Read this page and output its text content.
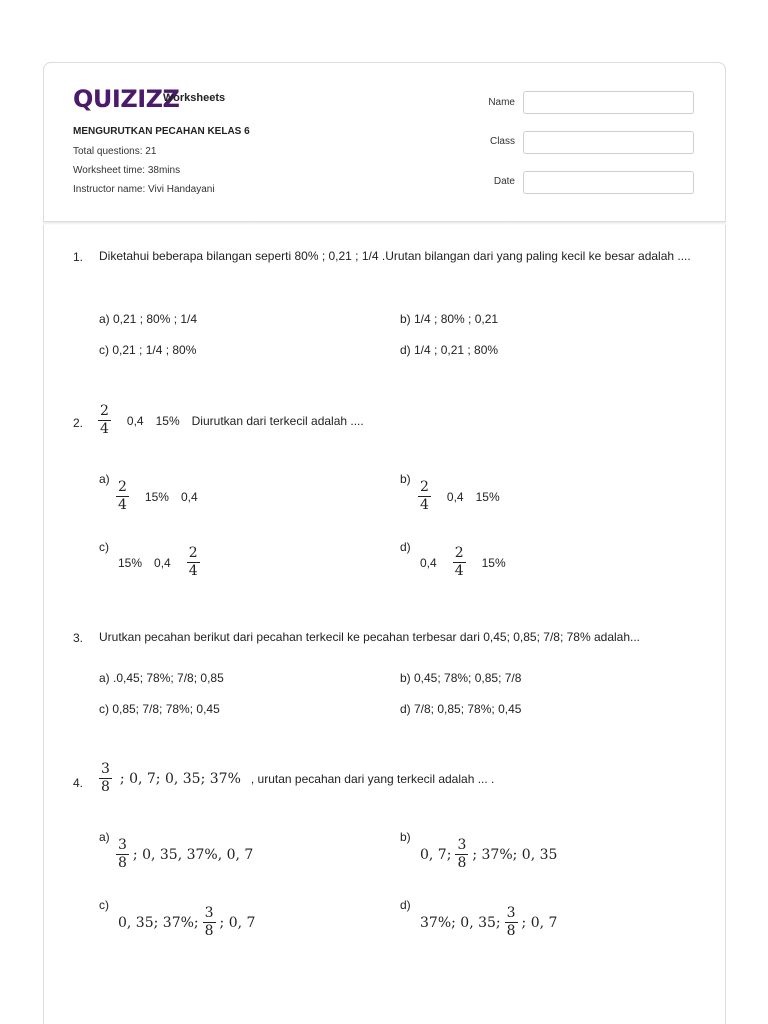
QUIZIZZ
Worksheets
MENGURUTKAN PECAHAN KELAS 6
Total questions: 21
Worksheet time: 38mins
Instructor name: Vivi Handayani
Name
Class
Date
1. Diketahui beberapa bilangan seperti 80% ; 0,21 ; 1/4 .Urutan bilangan dari yang paling kecil ke besar adalah ....
a) 0,21 ; 80% ; 1/4	b) 1/4 ; 80% ; 0,21
c) 0,21 ; 1/4 ; 80%	d) 1/4 ; 0,21 ; 80%
2. $\frac{2}{4} 0,4$ 15% Diurutkan dari terkecil adalah ....
a)
$\frac{2}{4} 15\%$ 0,4
b)
$\frac{2}{4} 0,4$ 15%
c)
15% $0,4 \frac{2}{4}$	d)
$0,4 \frac{2}{4} 15\%$
3. Urutkan pecahan berikut dari pecahan terkecil ke pecahan terbesar dari 0,45; 0,85; 7/8; 78% adalah...
a) .0,45; 78%; 7/8; 0,85	b) 0,45; 78%; 0,85; 7/8
c) 0,85; 7/8; 78%; 0,45	d) 7/8; 0,85; 78%; 0,45
4. $\frac{3}{8}$ ; 0, 7; 0, 35; 37% , urutan pecahan dari yang terkecil adalah ... .
a)
$\frac{3}{8}$ ; 0, 35, 37%, 0, 7
b)
0, 7; $\frac{3}{8}$ ; 37%; 0, 35
c)
0, 35; 37%; $\frac{3}{8}$ ; 0, 7
d)
37%; 0, 35; $\frac{3}{8}$ ; 0, 7
